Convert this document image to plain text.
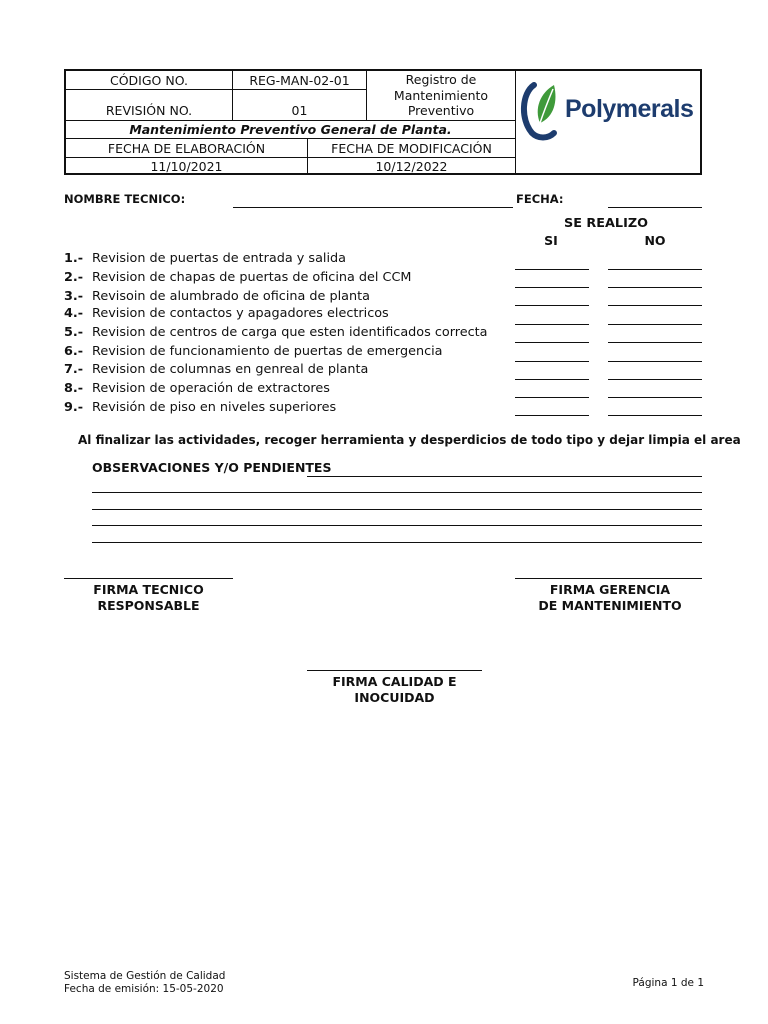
CÓDIGO NO.	REG-MAN-02-01
REVISIÓN NO.	01
Registro de
Mantenimiento
Preventivo
Mantenimiento Preventivo General de Planta.
FECHA DE ELABORACIÓN	FECHA DE MODIFICACIÓN
11/10/2021	10/12/2022
Polymerals
NOMBRE TECNICO:	FECHA:
SE REALIZO
SI	NO
1.- Revision de puertas de entrada y salida
2.- Revision de chapas de puertas de oficina del CCM
3.- Revisoin de alumbrado de oficina de planta
4.- Revision de contactos y apagadores electricos
5.- Revision de centros de carga que esten identificados correcta
6.- Revision de funcionamiento de puertas de emergencia
7.- Revision de columnas en genreal de planta
8.- Revision de operación de extractores
9.- Revisión de piso en niveles superiores
Al finalizar las actividades, recoger herramienta y desperdicios de todo tipo y dejar limpia el area
OBSERVACIONES Y/O PENDIENTES
FIRMA TECNICO
RESPONSABLE
FIRMA GERENCIA
DE MANTENIMIENTO
FIRMA CALIDAD E
INOCUIDAD
Sistema de Gestión de Calidad
Fecha de emisión: 15-05-2020	Página 1 de 1
